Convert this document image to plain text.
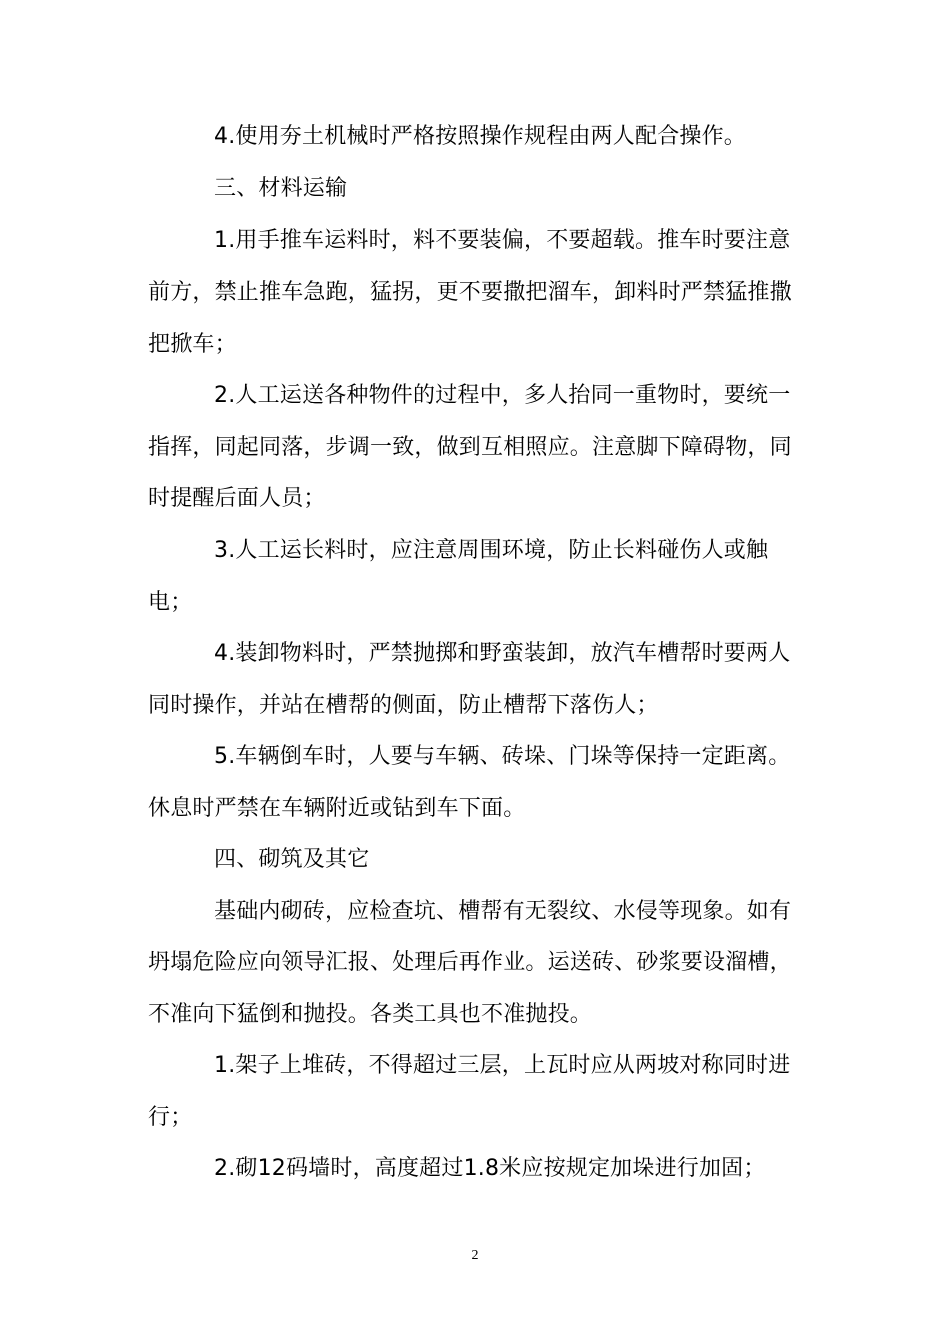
4.使用夯土机械时严格按照操作规程由两人配合操作。
三、材料运输
1.用手推车运料时，料不要装偏，不要超载。推车时要注意
前方，禁止推车急跑，猛拐，更不要撒把溜车，卸料时严禁猛推撒
把掀车；
2.人工运送各种物件的过程中，多人抬同一重物时，要统一
指挥，同起同落，步调一致，做到互相照应。注意脚下障碍物，同
时提醒后面人员；
3.人工运长料时，应注意周围环境，防止长料碰伤人或触
电；
4.装卸物料时，严禁抛掷和野蛮装卸，放汽车槽帮时要两人
同时操作，并站在槽帮的侧面，防止槽帮下落伤人；
5.车辆倒车时，人要与车辆、砖垛、门垛等保持一定距离。
休息时严禁在车辆附近或钻到车下面。
四、砌筑及其它
基础内砌砖，应检查坑、槽帮有无裂纹、水侵等现象。如有
坍塌危险应向领导汇报、处理后再作业。运送砖、砂浆要设溜槽，
不准向下猛倒和抛投。各类工具也不准抛投。
1.架子上堆砖，不得超过三层，上瓦时应从两坡对称同时进
行；
2.砌12码墙时，高度超过1.8米应按规定加垛进行加固；
2
